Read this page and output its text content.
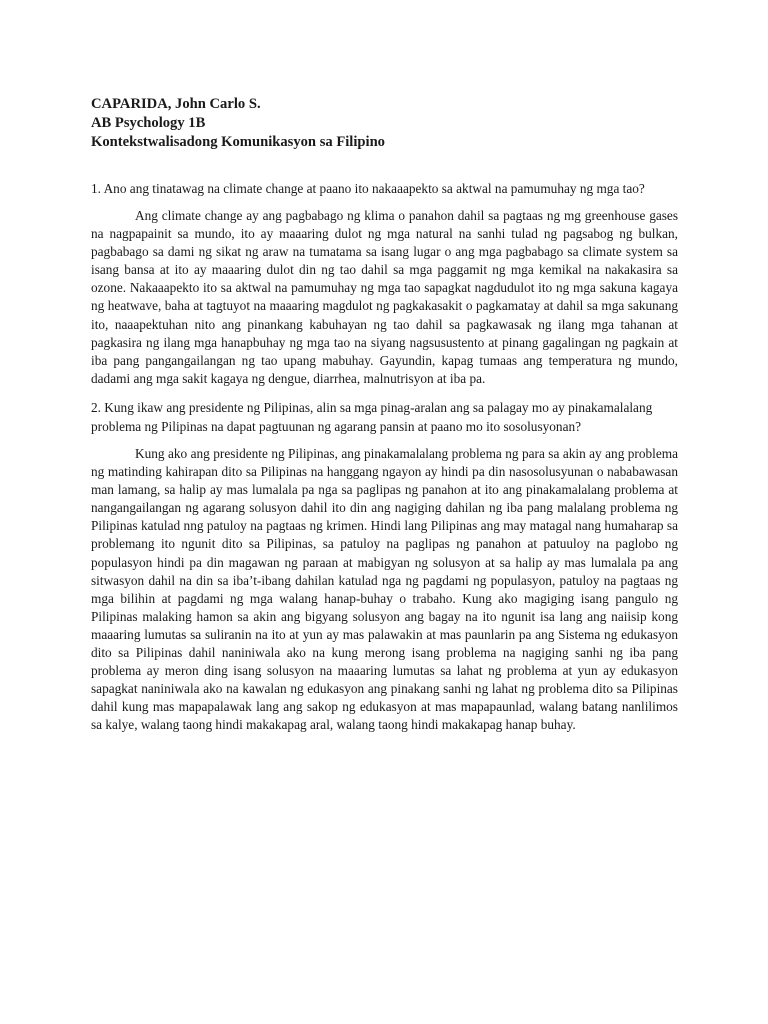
CAPARIDA, John Carlo S.
AB Psychology 1B
Kontekstwalisadong Komunikasyon sa Filipino

1. Ano ang tinatawag na climate change at paano ito nakaaapekto sa aktwal na pamumuhay ng mga tao?

Ang climate change ay ang pagbabago ng klima o panahon dahil sa pagtaas ng mg greenhouse gases na nagpapainit sa mundo, ito ay maaaring dulot ng mga natural na sanhi tulad ng pagsabog ng bulkan, pagbabago sa dami ng sikat ng araw na tumatama sa isang lugar o ang mga pagbabago sa climate system sa isang bansa at ito ay maaaring dulot din ng tao dahil sa mga paggamit ng mga kemikal na nakakasira sa ozone. Nakaaapekto ito sa aktwal na pamumuhay ng mga tao sapagkat nagdudulot ito ng mga sakuna kagaya ng heatwave, baha at tagtuyot na maaaring magdulot ng pagkakasakit o pagkamatay at dahil sa mga sakunang ito, naaapektuhan nito ang pinankang kabuhayan ng tao dahil sa pagkawasak ng ilang mga tahanan at pagkasira ng ilang mga hanapbuhay ng mga tao na siyang nagsusustento at pinang gagalingan ng pagkain at iba pang pangangailangan ng tao upang mabuhay. Gayundin, kapag tumaas ang temperatura ng mundo, dadami ang mga sakit kagaya ng dengue, diarrhea, malnutrisyon at iba pa.

2. Kung ikaw ang presidente ng Pilipinas, alin sa mga pinag-aralan ang sa palagay mo ay pinakamalalang problema ng Pilipinas na dapat pagtuunan ng agarang pansin at paano mo ito sosolusyonan?

Kung ako ang presidente ng Pilipinas, ang pinakamalalang problema ng para sa akin ay ang problema ng matinding kahirapan dito sa Pilipinas na hanggang ngayon ay hindi pa din nasosolusyunan o nababawasan man lamang, sa halip ay mas lumalala pa nga sa paglipas ng panahon at ito ang pinakamalalang problema at nangangailangan ng agarang solusyon dahil ito din ang nagiging dahilan ng iba pang malalang problema ng Pilipinas katulad nng patuloy na pagtaas ng krimen. Hindi lang Pilipinas ang may matagal nang humaharap sa problemang ito ngunit dito sa Pilipinas, sa patuloy na paglipas ng panahon at patuuloy na paglobo ng populasyon hindi pa din magawan ng paraan at mabigyan ng solusyon at sa halip ay mas lumalala pa ang sitwasyon dahil na din sa iba’t-ibang dahilan katulad nga ng pagdami ng populasyon, patuloy na pagtaas ng mga bilihin at pagdami ng mga walang hanap-buhay o trabaho. Kung ako magiging isang pangulo ng Pilipinas malaking hamon sa akin ang bigyang solusyon ang bagay na ito ngunit isa lang ang naiisip kong maaaring lumutas sa suliranin na ito at yun ay mas palawakin at mas paunlarin pa ang Sistema ng edukasyon dito sa Pilipinas dahil naniniwala ako na kung merong isang problema na nagiging sanhi ng iba pang problema ay meron ding isang solusyon na maaaring lumutas sa lahat ng problema at yun ay edukasyon sapagkat naniniwala ako na kawalan ng edukasyon ang pinakang sanhi ng lahat ng problema dito sa Pilipinas dahil kung mas mapapalawak lang ang sakop ng edukasyon at mas mapapaunlad, walang batang nanlilimos sa kalye, walang taong hindi makakapag aral, walang taong hindi makakapag hanap buhay.
